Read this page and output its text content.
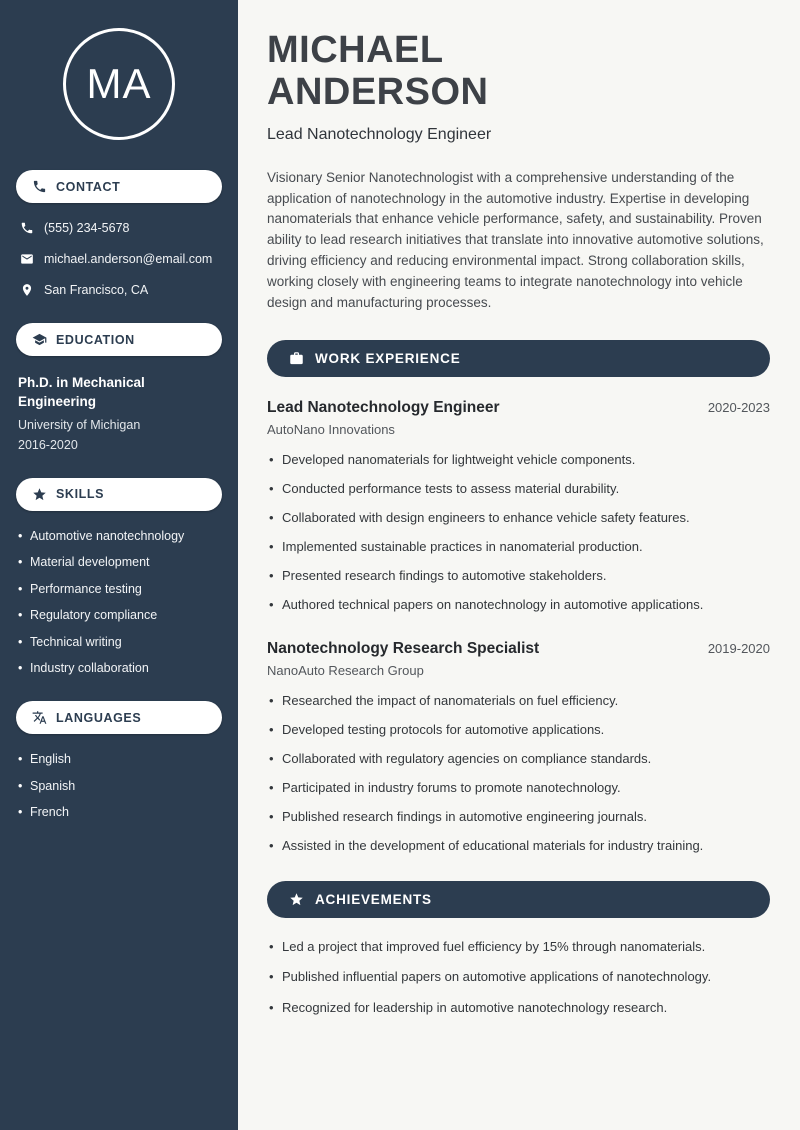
MA
CONTACT
(555) 234-5678
michael.anderson@email.com
San Francisco, CA
EDUCATION
Ph.D. in Mechanical Engineering
University of Michigan
2016-2020
SKILLS
• Automotive nanotechnology
• Material development
• Performance testing
• Regulatory compliance
• Technical writing
• Industry collaboration
LANGUAGES
• English
• Spanish
• French
MICHAEL
ANDERSON
Lead Nanotechnology Engineer

Visionary Senior Nanotechnologist with a comprehensive understanding of the application of nanotechnology in the automotive industry. Expertise in developing nanomaterials that enhance vehicle performance, safety, and sustainability. Proven ability to lead research initiatives that translate into innovative automotive solutions, driving efficiency and reducing environmental impact. Strong collaboration skills, working closely with engineering teams to integrate nanotechnology into vehicle design and manufacturing processes.

WORK EXPERIENCE
Lead Nanotechnology Engineer	2020-2023
AutoNano Innovations
• Developed nanomaterials for lightweight vehicle components.
• Conducted performance tests to assess material durability.
• Collaborated with design engineers to enhance vehicle safety features.
• Implemented sustainable practices in nanomaterial production.
• Presented research findings to automotive stakeholders.
• Authored technical papers on nanotechnology in automotive applications.
Nanotechnology Research Specialist	2019-2020
NanoAuto Research Group
• Researched the impact of nanomaterials on fuel efficiency.
• Developed testing protocols for automotive applications.
• Collaborated with regulatory agencies on compliance standards.
• Participated in industry forums to promote nanotechnology.
• Published research findings in automotive engineering journals.
• Assisted in the development of educational materials for industry training.
ACHIEVEMENTS
• Led a project that improved fuel efficiency by 15% through nanomaterials.
• Published influential papers on automotive applications of nanotechnology.
• Recognized for leadership in automotive nanotechnology research.
